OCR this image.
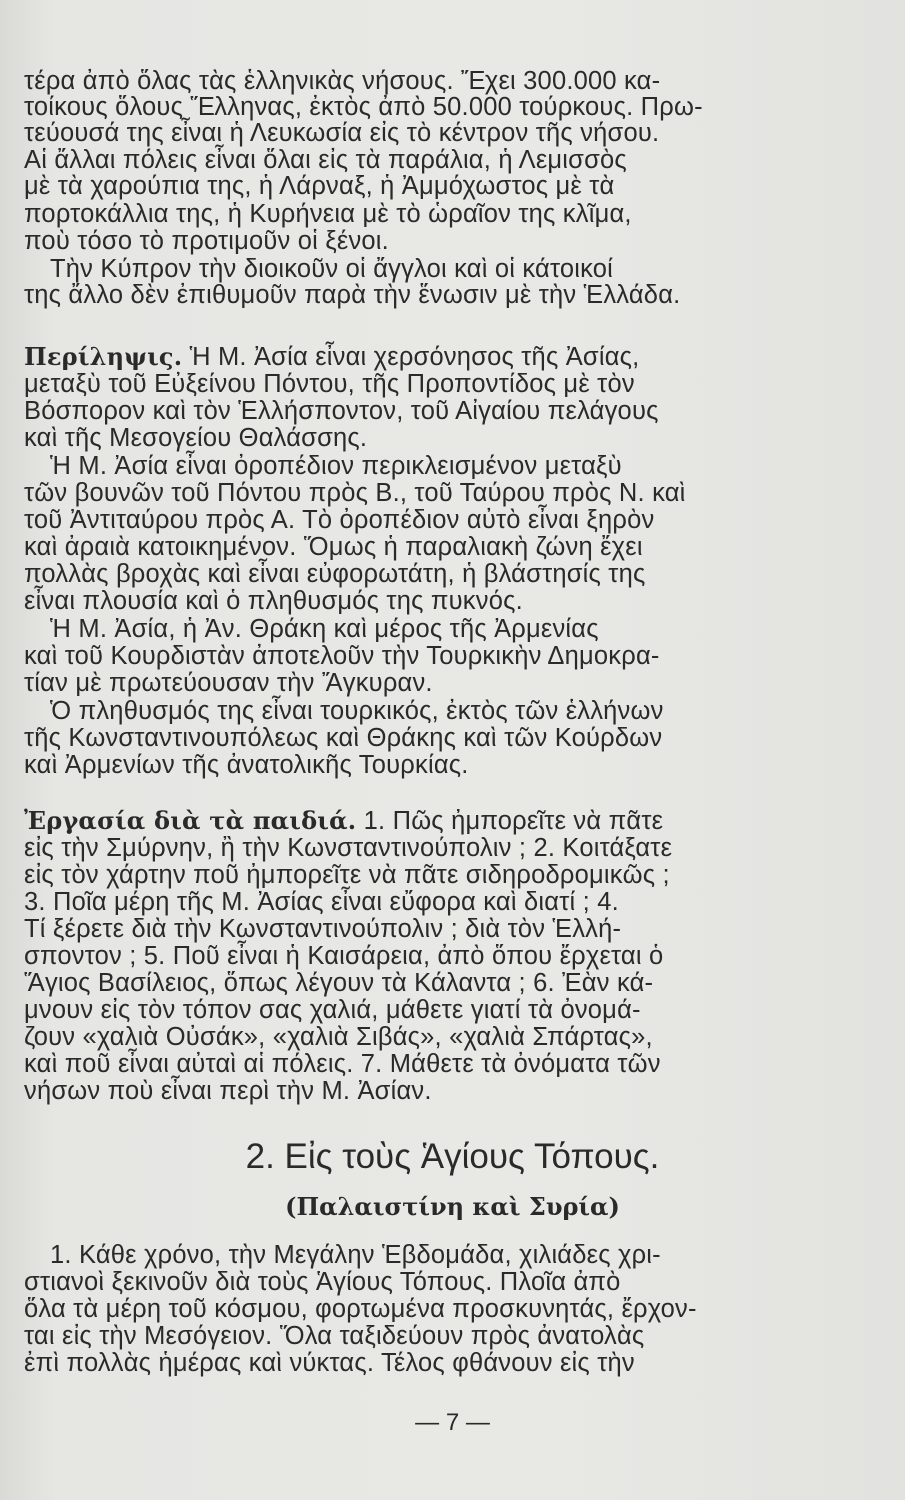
τέρα ἀπὸ ὅλας τὰς ἑλληνικὰς νήσους. Ἔχει 300.000 κα-
τοίκους ὅλους Ἕλληνας, ἐκτὸς ἀπὸ 50.000 τούρκους. Πρω-
τεύουσά της εἶναι ἡ Λευκωσία εἰς τὸ κέντρον τῆς νήσου.
Αἱ ἄλλαι πόλεις εἶναι ὅλαι εἰς τὰ παράλια, ἡ Λεμισσὸς
μὲ τὰ χαρούπια της, ἡ Λάρναξ, ἡ Ἀμμόχωστος μὲ τὰ
πορτοκάλλια της, ἡ Κυρήνεια μὲ τὸ ὡραῖον της κλῖμα,
ποὺ τόσο τὸ προτιμοῦν οἱ ξένοι.
Τὴν Κύπρον τὴν διοικοῦν οἱ ἄγγλοι καὶ οἱ κάτοικοί
της ἄλλο δὲν ἐπιθυμοῦν παρὰ τὴν ἕνωσιν μὲ τὴν Ἑλλάδα.
Περίληψις. Ἡ Μ. Ἀσία εἶναι χερσόνησος τῆς Ἀσίας,
μεταξὺ τοῦ Εὐξείνου Πόντου, τῆς Προποντίδος μὲ τὸν
Βόσπορον καὶ τὸν Ἑλλήσποντον, τοῦ Αἰγαίου πελάγους
καὶ τῆς Μεσογείου Θαλάσσης.
Ἡ Μ. Ἀσία εἶναι ὀροπέδιον περικλεισμένον μεταξὺ
τῶν βουνῶν τοῦ Πόντου πρὸς Β., τοῦ Ταύρου πρὸς Ν. καὶ
τοῦ Ἀντιταύρου πρὸς Α. Τὸ ὀροπέδιον αὐτὸ εἶναι ξηρὸν
καὶ ἀραιὰ κατοικημένον. Ὅμως ἡ παραλιακὴ ζώνη ἔχει
πολλὰς βροχὰς καὶ εἶναι εὐφορωτάτη, ἡ βλάστησίς της
εἶναι πλουσία καὶ ὁ πληθυσμός της πυκνός.
Ἡ Μ. Ἀσία, ἡ Ἀν. Θράκη καὶ μέρος τῆς Ἀρμενίας
καὶ τοῦ Κουρδιστὰν ἀποτελοῦν τὴν Τουρκικὴν Δημοκρα-
τίαν μὲ πρωτεύουσαν τὴν Ἄγκυραν.
Ὁ πληθυσμός της εἶναι τουρκικός, ἐκτὸς τῶν ἑλλήνων
τῆς Κωνσταντινουπόλεως καὶ Θράκης καὶ τῶν Κούρδων
καὶ Ἀρμενίων τῆς ἀνατολικῆς Τουρκίας.
Ἐργασία διὰ τὰ παιδιά. 1. Πῶς ἠμπορεῖτε νὰ πᾶτε
εἰς τὴν Σμύρνην, ἢ τὴν Κωνσταντινούπολιν ; 2. Κοιτάξατε
εἰς τὸν χάρτην ποῦ ἠμπορεῖτε νὰ πᾶτε σιδηροδρομικῶς ;
3. Ποῖα μέρη τῆς Μ. Ἀσίας εἶναι εὔφορα καὶ διατί ; 4.
Τί ξέρετε διὰ τὴν Κωνσταντινούπολιν ; διὰ τὸν Ἑλλή-
σποντον ; 5. Ποῦ εἶναι ἡ Καισάρεια, ἀπὸ ὅπου ἔρχεται ὁ
Ἅγιος Βασίλειος, ὅπως λέγουν τὰ Κάλαντα ; 6. Ἐὰν κά-
μνουν εἰς τὸν τόπον σας χαλιά, μάθετε γιατί τὰ ὀνομά-
ζουν «χαλιὰ Οὐσάκ», «χαλιὰ Σιβάς», «χαλιὰ Σπάρτας»,
καὶ ποῦ εἶναι αὐταὶ αἱ πόλεις. 7. Μάθετε τὰ ὀνόματα τῶν
νήσων ποὺ εἶναι περὶ τὴν Μ. Ἀσίαν.
2. Εἰς τοὺς Ἁγίους Τόπους.
(Παλαιστίνη καὶ Συρία)
1. Κάθε χρόνο, τὴν Μεγάλην Ἑβδομάδα, χιλιάδες χρι-
στιανοὶ ξεκινοῦν διὰ τοὺς Ἁγίους Τόπους. Πλοῖα ἀπὸ
ὅλα τὰ μέρη τοῦ κόσμου, φορτωμένα προσκυνητάς, ἔρχον-
ται εἰς τὴν Μεσόγειον. Ὅλα ταξιδεύουν πρὸς ἀνατολὰς
ἐπὶ πολλὰς ἡμέρας καὶ νύκτας. Τέλος φθάνουν εἰς τὴν
— 7 —
